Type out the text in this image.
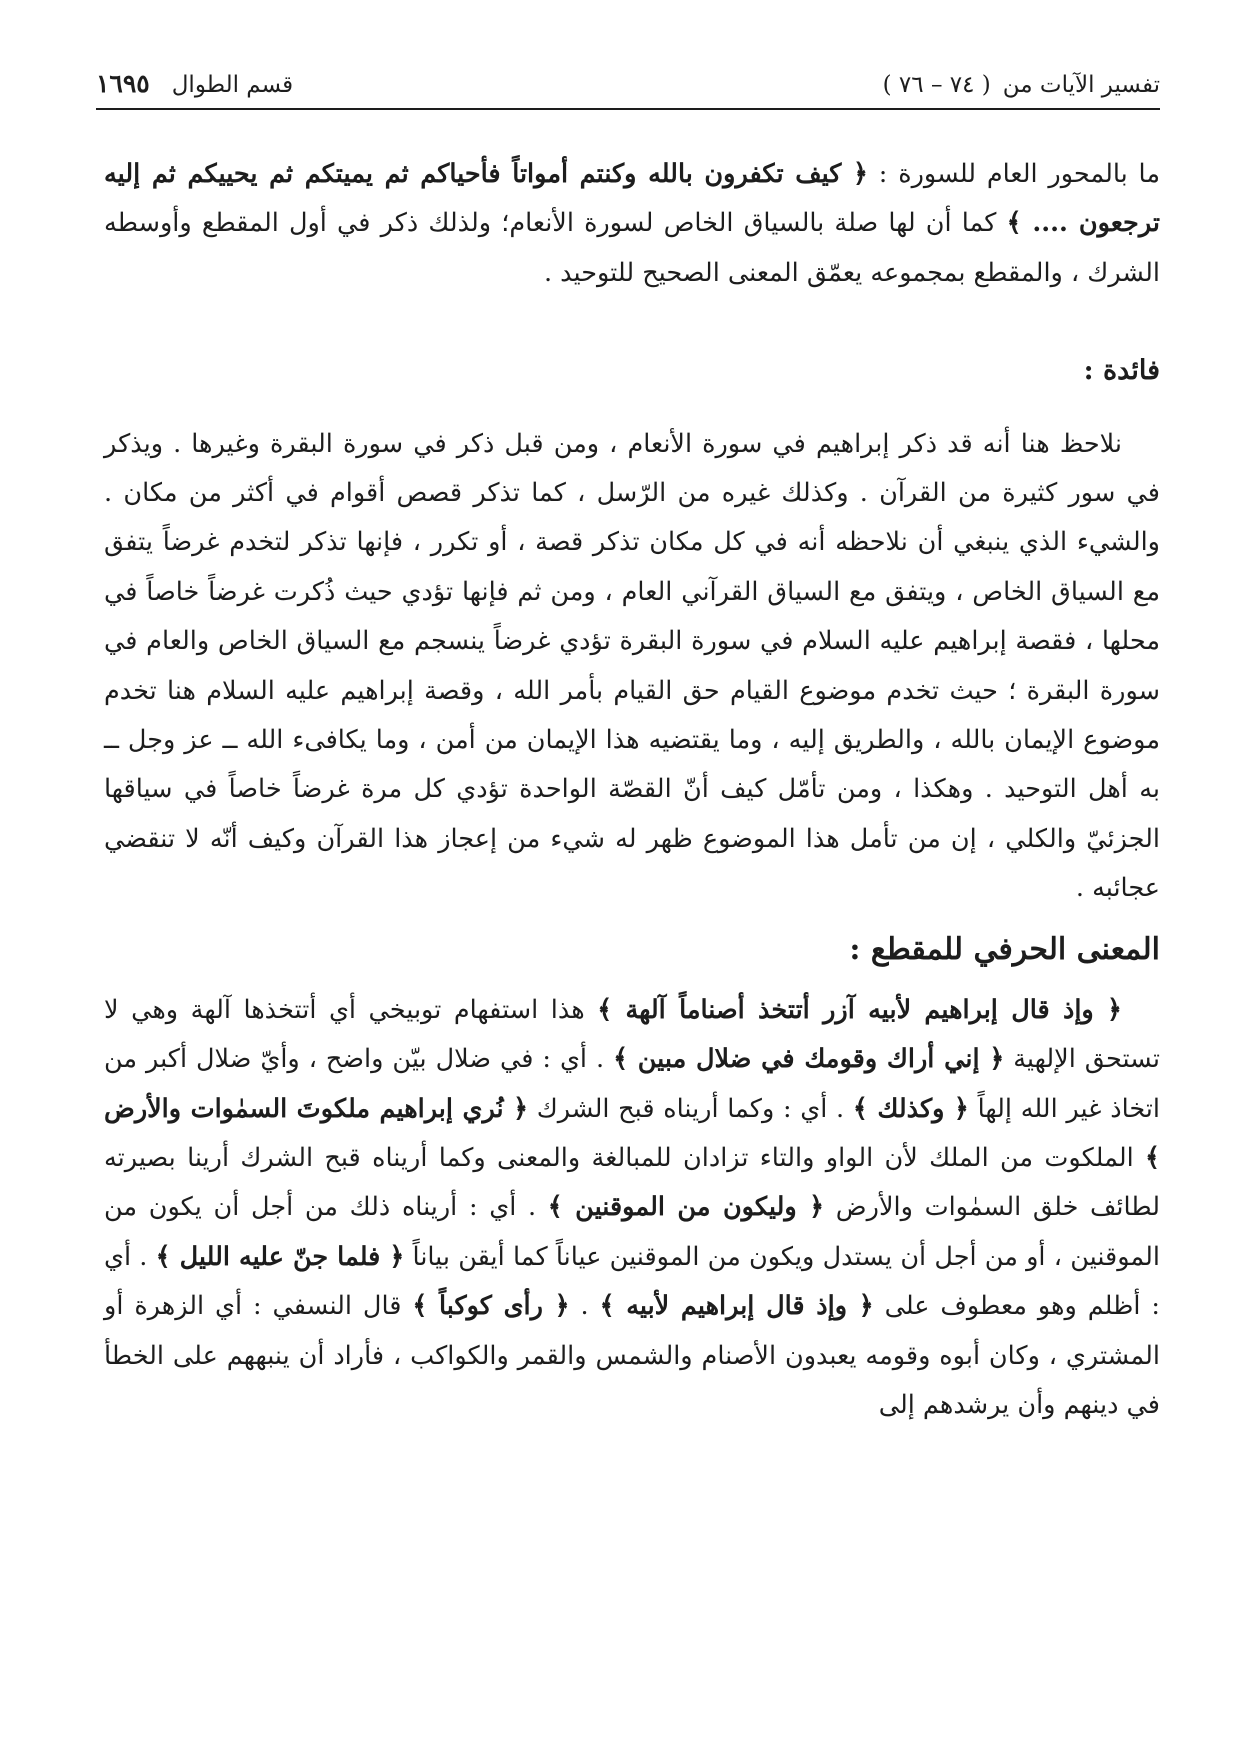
تفسير الآيات من
( ٧٤ – ٧٦ )
قسم الطوال
١٦٩٥

ما بالمحور العام للسورة : ﴿ كيف تكفرون بالله وكنتم أمواتاً فأحياكم ثم يميتكم ثم يحييكم ثم إليه ترجعون .... ﴾ كما أن لها صلة بالسياق الخاص لسورة الأنعام؛ ولذلك ذكر في أول المقطع وأوسطه الشرك ، والمقطع بمجموعه يعمّق المعنى الصحيح للتوحيد .

فائدة :

نلاحظ هنا أنه قد ذكر إبراهيم في سورة الأنعام ، ومن قبل ذكر في سورة البقرة وغيرها . ويذكر في سور كثيرة من القرآن . وكذلك غيره من الرّسل ، كما تذكر قصص أقوام في أكثر من مكان . والشيء الذي ينبغي أن نلاحظه أنه في كل مكان تذكر قصة ، أو تكرر ، فإنها تذكر لتخدم غرضاً يتفق مع السياق الخاص ، ويتفق مع السياق القرآني العام ، ومن ثم فإنها تؤدي حيث ذُكرت غرضاً خاصاً في محلها ، فقصة إبراهيم عليه السلام في سورة البقرة تؤدي غرضاً ينسجم مع السياق الخاص والعام في سورة البقرة ؛ حيث تخدم موضوع القيام حق القيام بأمر الله ، وقصة إبراهيم عليه السلام هنا تخدم موضوع الإيمان بالله ، والطريق إليه ، وما يقتضيه هذا الإيمان من أمن ، وما يكافىء الله ــ عز وجل ــ به أهل التوحيد . وهكذا ، ومن تأمّل كيف أنّ القصّة الواحدة تؤدي كل مرة غرضاً خاصاً في سياقها الجزئيّ والكلي ، إن من تأمل هذا الموضوع ظهر له شيء من إعجاز هذا القرآن وكيف أنّه لا تنقضي عجائبه .

المعنى الحرفي للمقطع :

﴿ وإذ قال إبراهيم لأبيه آزر أتتخذ أصناماً آلهة ﴾ هذا استفهام توبيخي أي أتتخذها آلهة وهي لا تستحق الإلهية ﴿ إني أراك وقومك في ضلال مبين ﴾ . أي : في ضلال بيّن واضح ، وأيّ ضلال أكبر من اتخاذ غير الله إلهاً ﴿ وكذلك ﴾ . أي : وكما أريناه قبح الشرك ﴿ نُري إبراهيم ملكوتَ السمٰوات والأرض ﴾ الملكوت من الملك لأن الواو والتاء تزادان للمبالغة والمعنى وكما أريناه قبح الشرك أرينا بصيرته لطائف خلق السمٰوات والأرض ﴿ وليكون من الموقنين ﴾ . أي : أريناه ذلك من أجل أن يكون من الموقنين ، أو من أجل أن يستدل ويكون من الموقنين عياناً كما أيقن بياناً ﴿ فلما جنّ عليه الليل ﴾ . أي : أظلم وهو معطوف على ﴿ وإذ قال إبراهيم لأبيه ﴾ . ﴿ رأى كوكباً ﴾ قال النسفي : أي الزهرة أو المشتري ، وكان أبوه وقومه يعبدون الأصنام والشمس والقمر والكواكب ، فأراد أن ينبههم على الخطأ في دينهم وأن يرشدهم إلى
